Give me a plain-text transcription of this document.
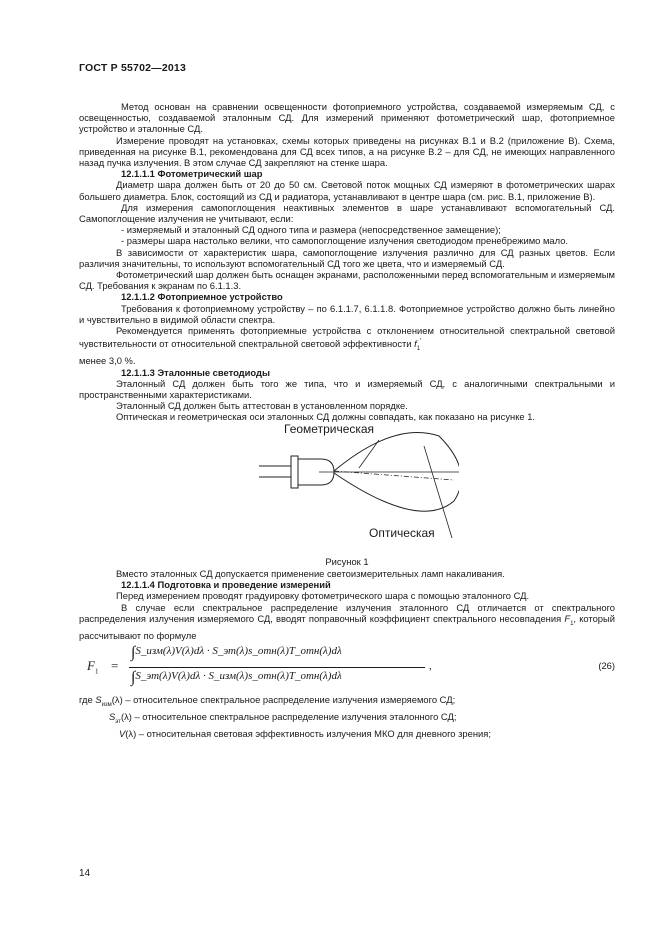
ГОСТ Р 55702—2013

Метод основан на сравнении освещенности фотоприемного устройства, создаваемой измеряемым СД, с освещенностью, создаваемой эталонным СД. Для измерений применяют фотометрический шар, фотоприемное устройство и эталонные СД.

Измерение проводят на установках, схемы которых приведены на рисунках В.1 и В.2 (приложение В). Схема, приведенная на рисунке В.1, рекомендована для СД всех типов, а на рисунке В.2 – для СД, не имеющих направленного назад пучка излучения. В этом случае СД закрепляют на стенке шара.

12.1.1.1 Фотометрический шар

Диаметр шара должен быть от 20 до 50 см. Световой поток мощных СД измеряют в фотометрических шарах большего диаметра. Блок, состоящий из СД и радиатора, устанавливают в центре шара (см. рис. В.1, приложение В).

Для измерения самопоглощения неактивных элементов в шаре устанавливают вспомогательный СД. Самопоглощение излучения не учитывают, если:

- измеряемый и эталонный СД одного типа и размера (непосредственное замещение);

- размеры шара настолько велики, что самопоглощение излучения светодиодом пренебрежимо мало.

В зависимости от характеристик шара, самопоглощение излучения различно для СД разных цветов. Если различия значительны, то используют вспомогательный СД того же цвета, что и измеряемый СД.

Фотометрический шар должен быть оснащен экранами, расположенными перед вспомогательным и измеряемым СД. Требования к экранам по 6.1.1.3.

12.1.1.2 Фотоприемное устройство

Требования к фотоприемному устройству – по 6.1.1.7, 6.1.1.8. Фотоприемное устройство должно быть линейно и чувствительно в видимой области спектра.

Рекомендуется применять фотоприемные устройства с отклонением относительной спектральной световой чувствительности от относительной спектральной световой эффективности $f_1'$
менее 3,0 %.

12.1.1.3 Эталонные светодиоды

Эталонный СД должен быть того же типа, что и измеряемый СД, с аналогичными спектральными и пространственными характеристиками.

Эталонный СД должен быть аттестован в установленном порядке.

Оптическая и геометрическая оси эталонных СД должны совпадать, как показано на рисунке 1.

Геометрическая
Оптическая

Рисунок 1

Вместо эталонных СД допускается применение светоизмерительных ламп накаливания.

12.1.1.4 Подготовка и проведение измерений

Перед измерением проводят градуировку фотометрического шара с помощью эталонного СД.

В случае если спектральное распределение излучения эталонного СД отличается от спектрального распределения излучения измеряемого СД, вводят поправочный коэффициент спектрального несовпадения $F_1$, который рассчитывают по формуле

$F_1$ =
∫S_изм(λ)V(λ)dλ · S_эт(λ)s_отн(λ)T_отн(λ)dλ
∫S_эт(λ)V(λ)dλ · S_изм(λ)s_отн(λ)T_отн(λ)dλ
,	(26)

где $S_{изм}(\lambda)$ – относительное спектральное распределение излучения измеряемого СД;

$S_{эт}(\lambda)$ – относительное спектральное распределение излучения эталонного СД;

V(λ) – относительная световая эффективность излучения МКО для дневного зрения;

14
